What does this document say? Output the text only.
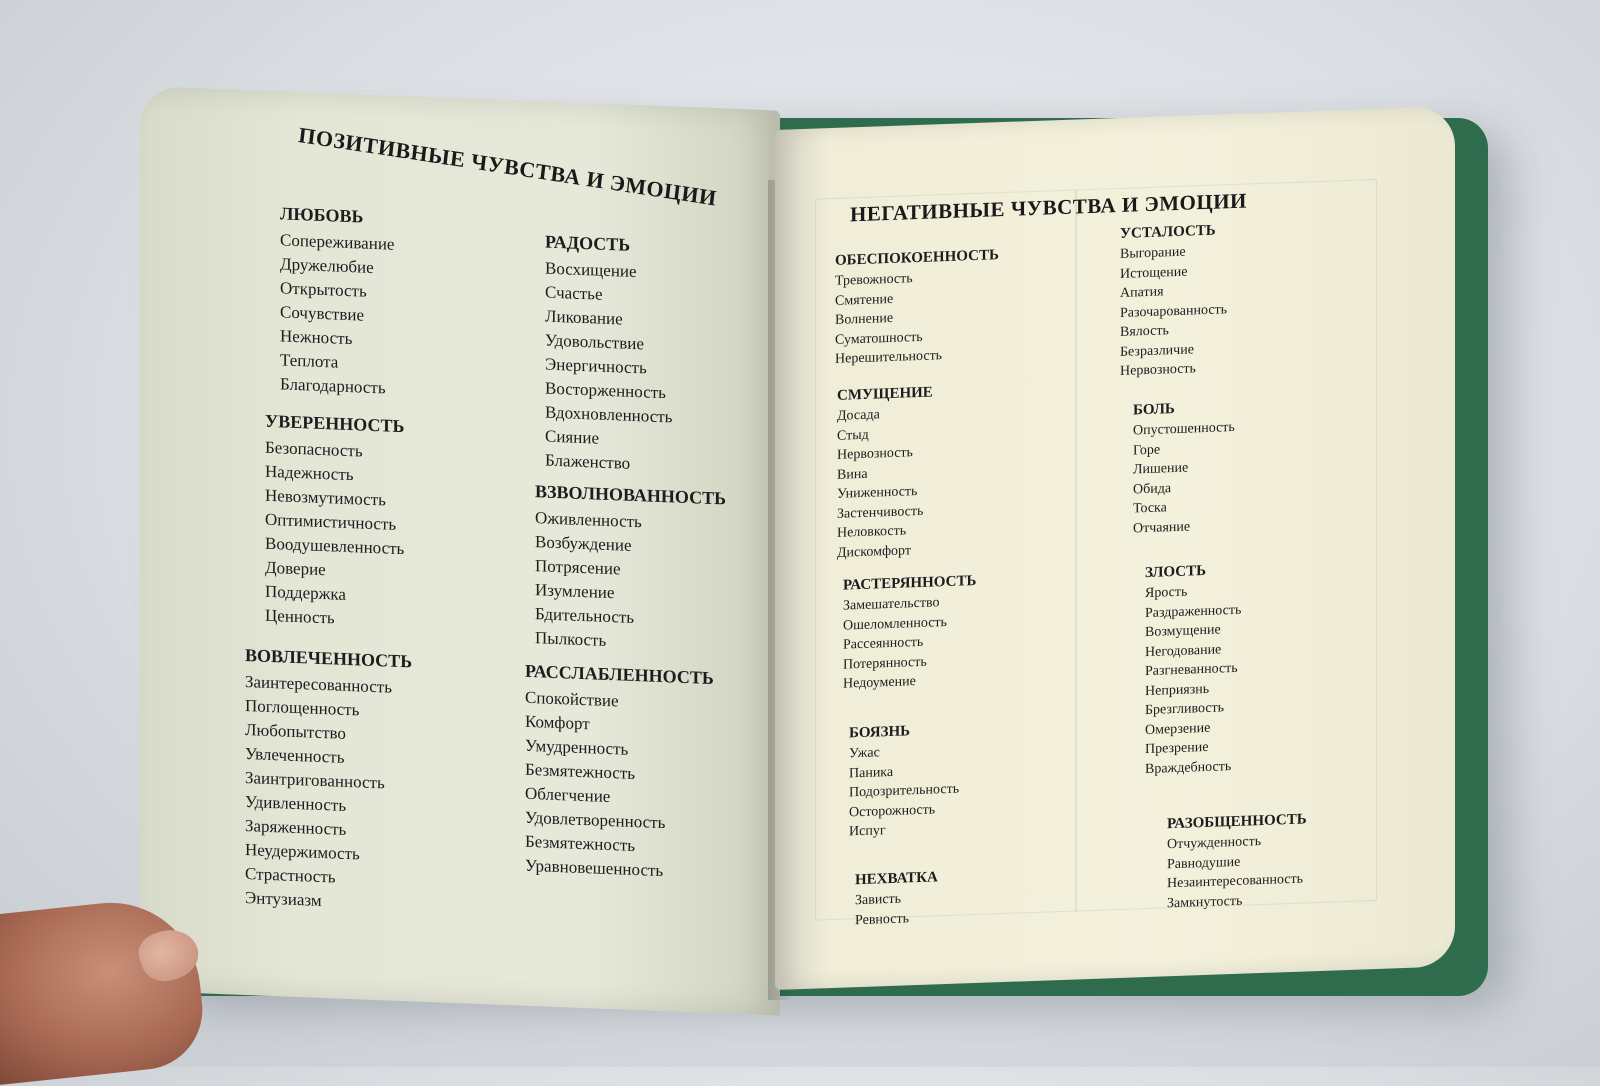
ПОЗИТИВНЫЕ ЧУВСТВА И ЭМОЦИИ
ЛЮБОВЬ
Сопереживание
Дружелюбие
Открытость
Сочувствие
Нежность
Теплота
Благодарность
УВЕРЕННОСТЬ
Безопасность
Надежность
Невозмутимость
Оптимистичность
Воодушевленность
Доверие
Поддержка
Ценность
ВОВЛЕЧЕННОСТЬ
Заинтересованность
Поглощенность
Любопытство
Увлеченность
Заинтригованность
Удивленность
Заряженность
Неудержимость
Страстность
Энтузиазм
РАДОСТЬ
Восхищение
Счастье
Ликование
Удовольствие
Энергичность
Восторженность
Вдохновленность
Сияние
Блаженство
ВЗВОЛНОВАННОСТЬ
Оживленность
Возбуждение
Потрясение
Изумление
Бдительность
Пылкость
РАССЛАБЛЕННОСТЬ
Спокойствие
Комфорт
Умудренность
Безмятежность
Облегчение
Удовлетворенность
Безмятежность
Уравновешенность
НЕГАТИВНЫЕ ЧУВСТВА И ЭМОЦИИ
ОБЕСПОКОЕННОСТЬ
Тревожность
Смятение
Волнение
Суматошность
Нерешительность
СМУЩЕНИЕ
Досада
Стыд
Нервозность
Вина
Униженность
Застенчивость
Неловкость
Дискомфорт
РАСТЕРЯННОСТЬ
Замешательство
Ошеломленность
Рассеянность
Потерянность
Недоумение
БОЯЗНЬ
Ужас
Паника
Подозрительность
Осторожность
Испуг
НЕХВАТКА
Зависть
Ревность
УСТАЛОСТЬ
Выгорание
Истощение
Апатия
Разочарованность
Вялость
Безразличие
Нервозность
БОЛЬ
Опустошенность
Горе
Лишение
Обида
Тоска
Отчаяние
ЗЛОСТЬ
Ярость
Раздраженность
Возмущение
Негодование
Разгневанность
Неприязнь
Брезгливость
Омерзение
Презрение
Враждебность
РАЗОБЩЕННОСТЬ
Отчужденность
Равнодушие
Незаинтересованность
Замкнутость
